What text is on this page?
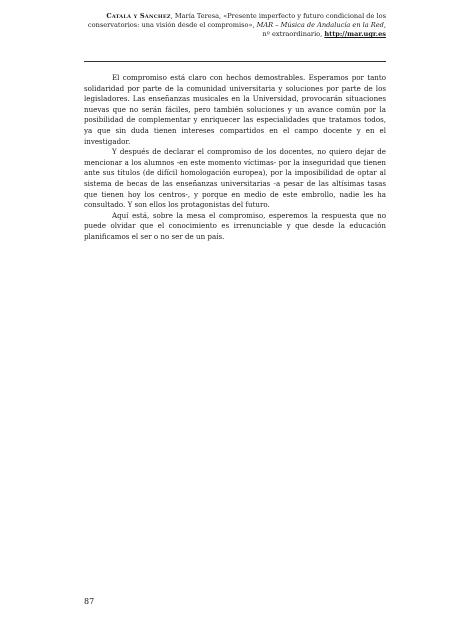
Catalá y Sánchez, María Teresa, «Presente imperfecto y futuro condicional de los conservatorios: una visión desde el compromiso», MAR – Música de Andalucía en la Red, nº extraordinario, http://mar.ugr.es

El compromiso está claro con hechos demostrables. Esperamos por tanto solidaridad por parte de la comunidad universitaria y soluciones por parte de los legisladores. Las enseñanzas musicales en la Universidad, provocarán situaciones nuevas que no serán fáciles, pero también soluciones y un avance común por la posibilidad de complementar y enriquecer las especialidades que tratamos todos, ya que sin duda tienen intereses compartidos en el campo docente y en el investigador.

Y después de declarar el compromiso de los docentes, no quiero dejar de mencionar a los alumnos -en este momento víctimas- por la inseguridad que tienen ante sus títulos (de difícil homologación europea), por la imposibilidad de optar al sistema de becas de las enseñanzas universitarias -a pesar de las altísimas tasas que tienen hoy los centros-, y porque en medio de este embrollo, nadie les ha consultado. Y son ellos los protagonistas del futuro.

Aquí está, sobre la mesa el compromiso, esperemos la respuesta que no puede olvidar que el conocimiento es irrenunciable y que desde la educación planificamos el ser o no ser de un país.

87
